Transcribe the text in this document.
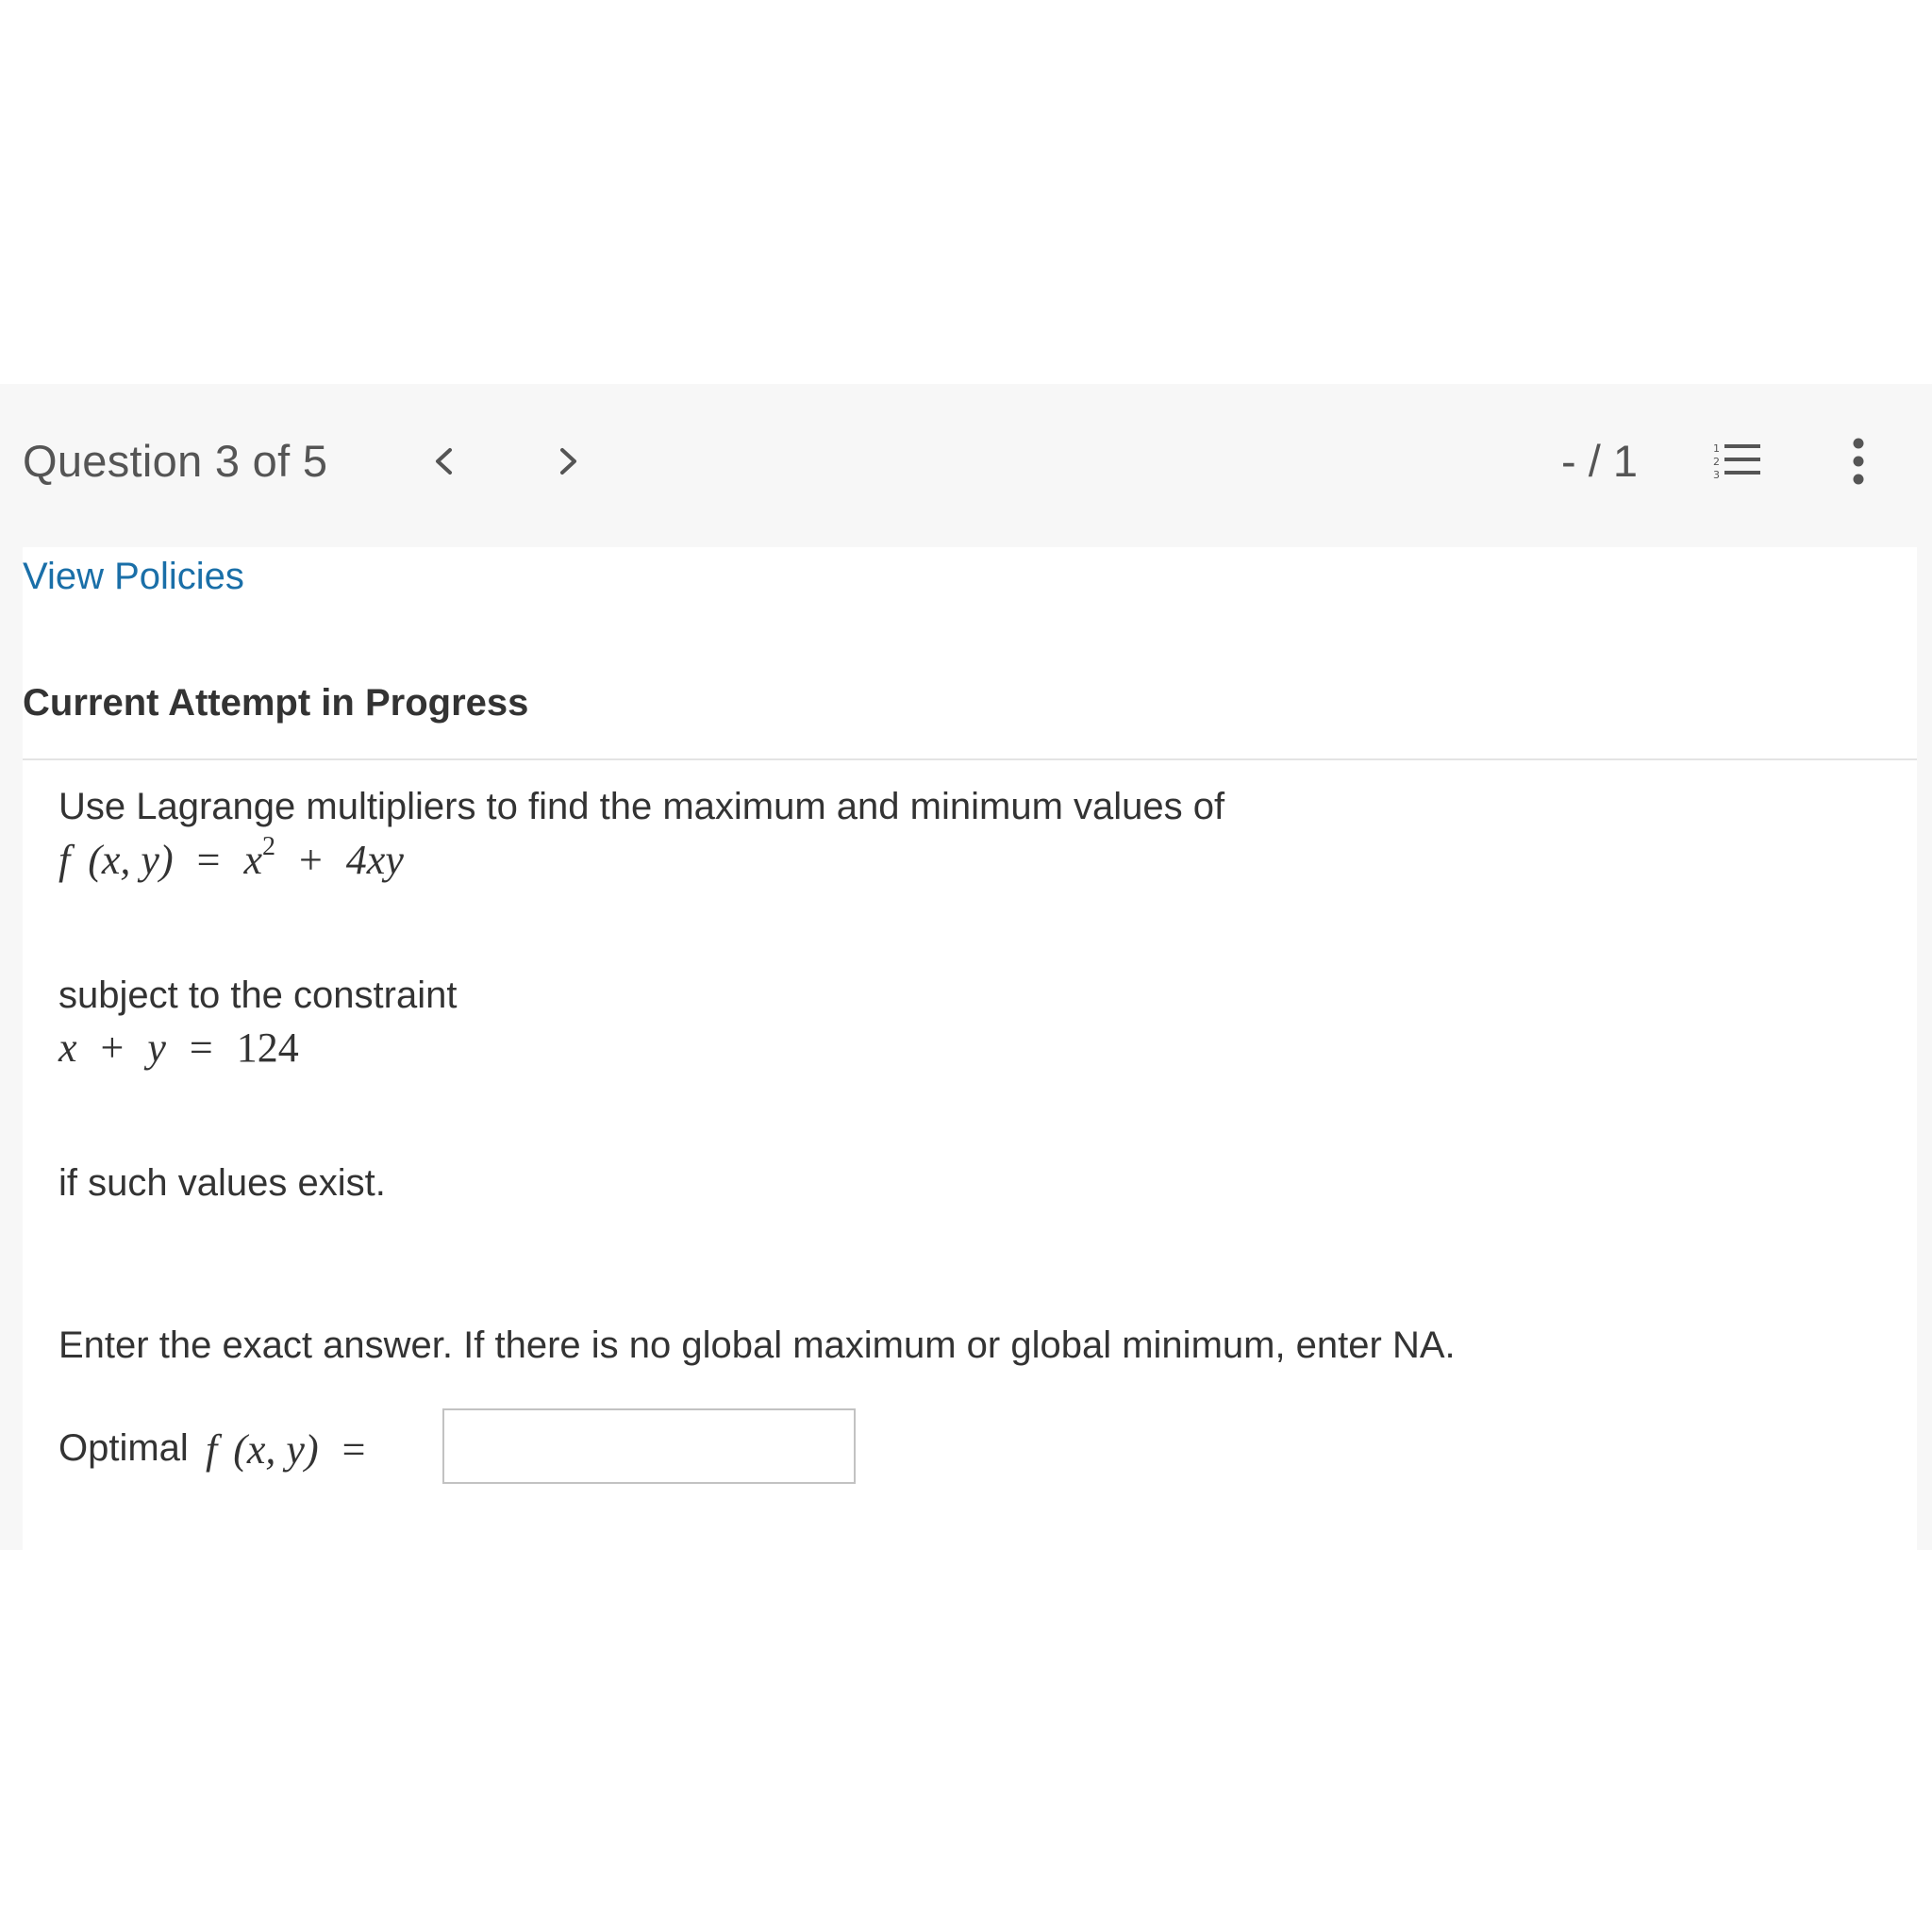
Question 3 of 5	- / 1	1
2
3
View Policies
Current Attempt in Progress
Use Lagrange multipliers to find the maximum and minimum values of
f (x, $y) = x^2 + 4xy$
subject to the constraint
x + y = 124
if such values exist.
Enter the exact answer. If there is no global maximum or global minimum, enter NA.
Optimal f (x, y) =
